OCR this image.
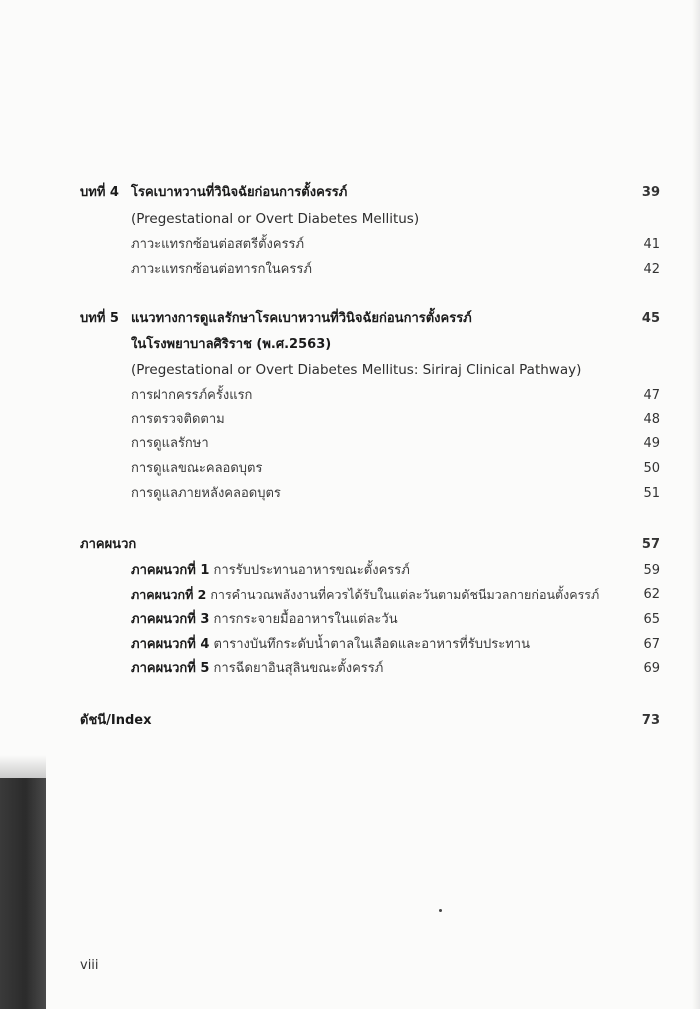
บทที่ 4 โรคเบาหวานที่วินิจฉัยก่อนการตั้งครรภ์	39
(Pregestational or Overt Diabetes Mellitus)
ภาวะแทรกซ้อนต่อสตรีตั้งครรภ์	41
ภาวะแทรกซ้อนต่อทารกในครรภ์	42
บทที่ 5 แนวทางการดูแลรักษาโรคเบาหวานที่วินิจฉัยก่อนการตั้งครรภ์	45
ในโรงพยาบาลศิริราช (พ.ศ.2563)
(Pregestational or Overt Diabetes Mellitus: Siriraj Clinical Pathway)
การฝากครรภ์ครั้งแรก	47
การตรวจติดตาม	48
การดูแลรักษา	49
การดูแลขณะคลอดบุตร	50
การดูแลภายหลังคลอดบุตร	51
ภาคผนวก	57
ภาคผนวกที่ 1 การรับประทานอาหารขณะตั้งครรภ์	59
ภาคผนวกที่ 2 การคำนวณพลังงานที่ควรได้รับในแต่ละวันตามดัชนีมวลกายก่อนตั้งครรภ์	62
ภาคผนวกที่ 3 การกระจายมื้ออาหารในแต่ละวัน	65
ภาคผนวกที่ 4 ตารางบันทึกระดับน้ำตาลในเลือดและอาหารที่รับประทาน	67
ภาคผนวกที่ 5 การฉีดยาอินสุลินขณะตั้งครรภ์	69
ดัชนี/Index	73
viii
